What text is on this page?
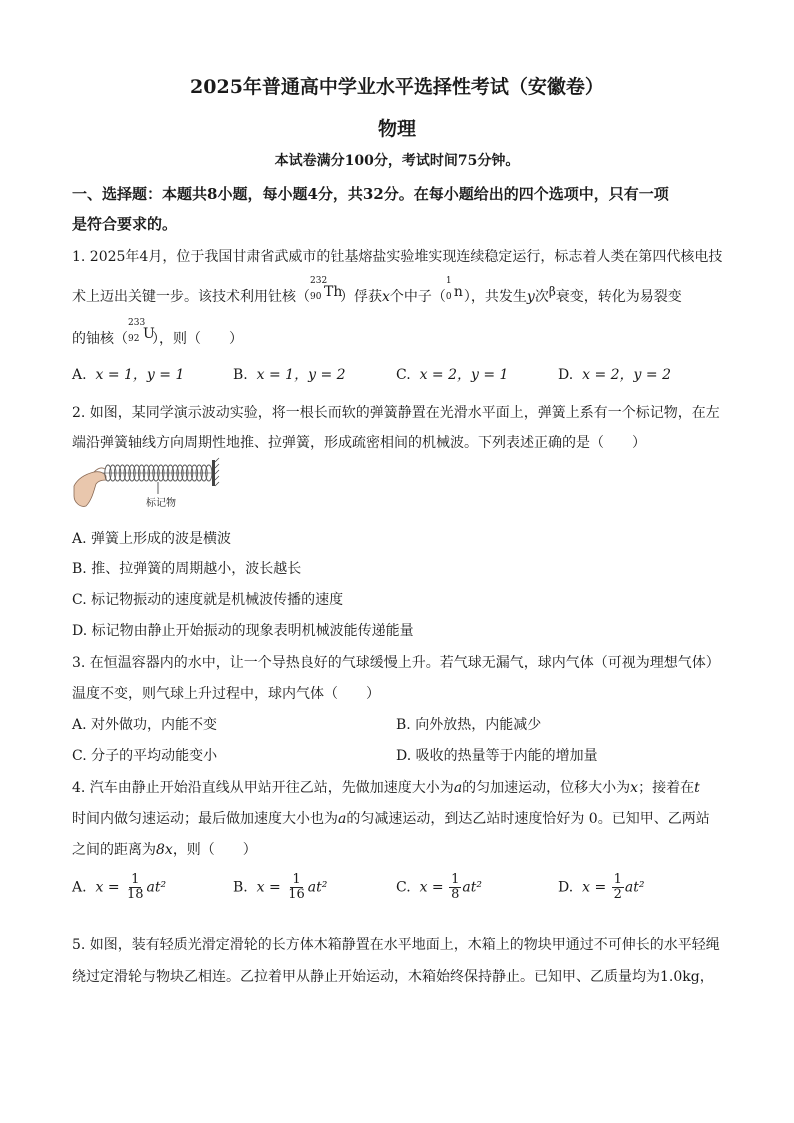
2025年普通高中学业水平选择性考试（安徽卷）
物理
本试卷满分100分，考试时间75分钟。
一、选择题：本题共8小题，每小题4分，共32分。在每小题给出的四个选项中，只有一项
是符合要求的。
1. 2025年4月，位于我国甘肃省武威市的钍基熔盐实验堆实现连续稳定运行，标志着人类在第四代核电技
术上迈出关键一步。该技术利用钍核（
232
90 Th
）俘获x个中子（
1
0 n ），共发生y次$^\beta$衰变，转化为易裂变
的铀核（
233
92 U
），则（　　）
A. x = 1，y = 1	B. x = 1，y = 2	C. x = 2，y = 1	D. x = 2，y = 2
2. 如图，某同学演示波动实验，将一根长而软的弹簧静置在光滑水平面上，弹簧上系有一个标记物，在左
端沿弹簧轴线方向周期性地推、拉弹簧，形成疏密相间的机械波。下列表述正确的是（　　）
标记物
A. 弹簧上形成的波是横波
B. 推、拉弹簧的周期越小，波长越长
C. 标记物振动的速度就是机械波传播的速度
D. 标记物由静止开始振动的现象表明机械波能传递能量
3. 在恒温容器内的水中，让一个导热良好的气球缓慢上升。若气球无漏气，球内气体（可视为理想气体）
温度不变，则气球上升过程中，球内气体（　　）
A. 对外做功，内能不变	B. 向外放热，内能减少
C. 分子的平均动能变小	D. 吸收的热量等于内能的增加量
4. 汽车由静止开始沿直线从甲站开往乙站，先做加速度大小为a的匀加速运动，位移大小为x；接着在t
时间内做匀速运动；最后做加速度大小也为a的匀减速运动，到达乙站时速度恰好为 0。已知甲、乙两站
之间的距离为8x，则（　　）
A. $x = \frac{1}{18} at^2$	B. $x = \frac{1}{16} at^2$	C. $x = \frac{1}{8} at^2$	D. $x = \frac{1}{2} at^2$
5. 如图，装有轻质光滑定滑轮的长方体木箱静置在水平地面上，木箱上的物块甲通过不可伸长的水平轻绳
绕过定滑轮与物块乙相连。乙拉着甲从静止开始运动，木箱始终保持静止。已知甲、乙质量均为1.0kg，
